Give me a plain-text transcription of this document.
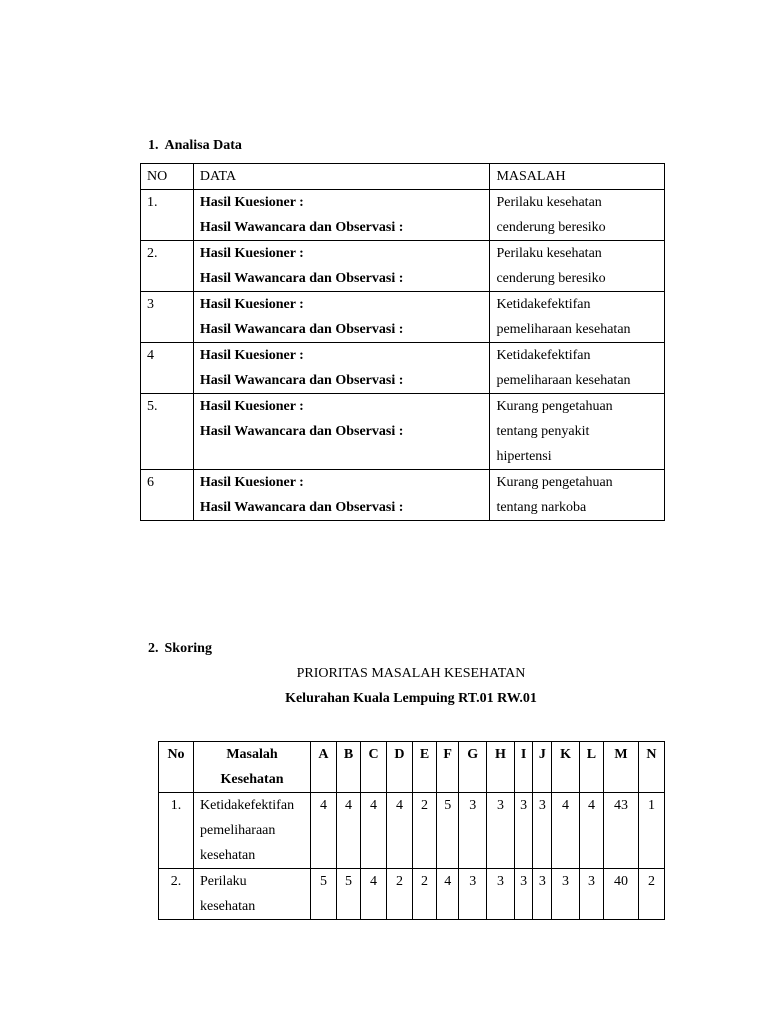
1. Analisa Data
NO	DATA	MASALAH
1.	Hasil Kuesioner :
Hasil Wawancara dan Observasi :	Perilaku kesehatan
cenderung beresiko

2.	Hasil Kuesioner :
Hasil Wawancara dan Observasi :	Perilaku kesehatan
cenderung beresiko

3	Hasil Kuesioner :
Hasil Wawancara dan Observasi :	Ketidakefektifan
pemeliharaan kesehatan

4	Hasil Kuesioner :
Hasil Wawancara dan Observasi :	Ketidakefektifan
pemeliharaan kesehatan

5.	Hasil Kuesioner :
Hasil Wawancara dan Observasi :	Kurang pengetahuan
tentang penyakit
hipertensi

6	Hasil Kuesioner :
Hasil Wawancara dan Observasi :	Kurang pengetahuan
tentang narkoba
2. Skoring
PRIORITAS MASALAH KESEHATAN
Kelurahan Kuala Lempuing RT.01 RW.01
No	Masalah
Kesehatan	A	B	C	D	E	F	G	H	I	J	K	L	M	N
1.	Ketidakefektifan
pemeliharaan
kesehatan	4	4	4	4	2	5	3	3	3	3	4	4	43	1
2.	Perilaku
kesehatan	5	5	4	2	2	4	3	3	3	3	3	3	40	2
